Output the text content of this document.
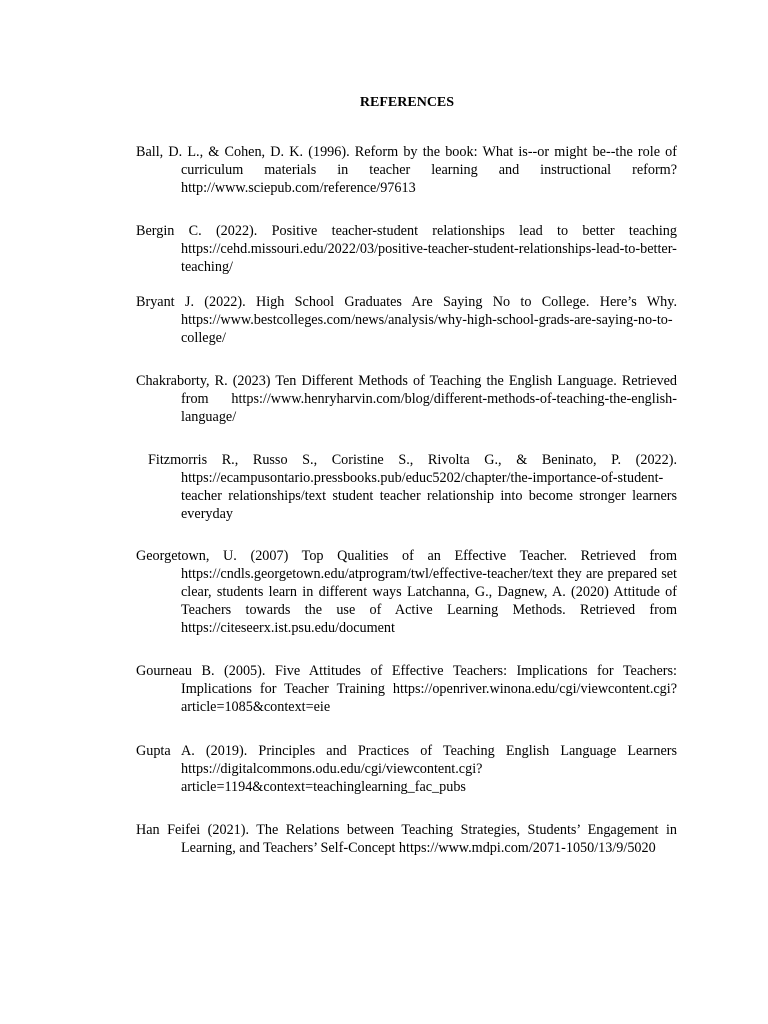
REFERENCES
Ball, D. L., & Cohen, D. K. (1996). Reform by the book: What is--or might be--the role of curriculum materials in teacher learning and instructional reform? http://www.sciepub.com/reference/97613
Bergin C. (2022). Positive teacher-student relationships lead to better teaching https://cehd.missouri.edu/2022/03/positive-teacher-student-relationships-lead-to-better-teaching/
Bryant J. (2022). High School Graduates Are Saying No to College. Here’s Why. https://www.bestcolleges.com/news/analysis/why-high-school-grads-are-saying-no-to-college/
Chakraborty, R. (2023) Ten Different Methods of Teaching the English Language. Retrieved from https://www.henryharvin.com/blog/different-methods-of-teaching-the-english-language/
Fitzmorris R., Russo S., Coristine S., Rivolta G., & Beninato, P. (2022). https://ecampusontario.pressbooks.pub/educ5202/chapter/the-importance-of-student-teacher relationships/text student teacher relationship into become stronger learners everyday
Georgetown, U. (2007) Top Qualities of an Effective Teacher. Retrieved from https://cndls.georgetown.edu/atprogram/twl/effective-teacher/text they are prepared set clear, students learn in different ways Latchanna, G., Dagnew, A. (2020) Attitude of Teachers towards the use of Active Learning Methods. Retrieved from https://citeseerx.ist.psu.edu/document
Gourneau B. (2005). Five Attitudes of Effective Teachers: Implications for Teachers: Implications for Teacher Training https://openriver.winona.edu/cgi/viewcontent.cgi?article=1085&context=eie
Gupta A. (2019). Principles and Practices of Teaching English Language Learners https://digitalcommons.odu.edu/cgi/viewcontent.cgi?article=1194&context=teachinglearning_fac_pubs
Han Feifei (2021). The Relations between Teaching Strategies, Students’ Engagement in Learning, and Teachers’ Self-Concept https://www.mdpi.com/2071-1050/13/9/5020
